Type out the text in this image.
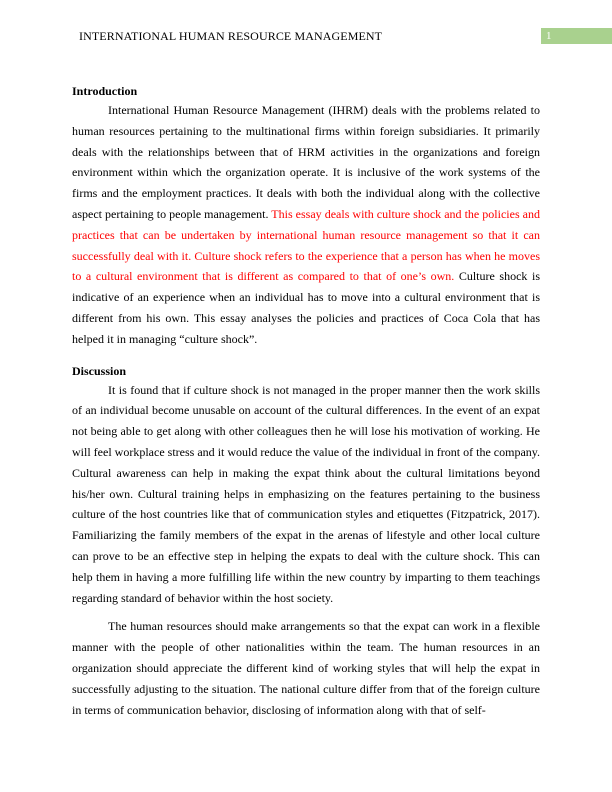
INTERNATIONAL HUMAN RESOURCE MANAGEMENT	1

Introduction

International Human Resource Management (IHRM) deals with the problems related to human resources pertaining to the multinational firms within foreign subsidiaries. It primarily deals with the relationships between that of HRM activities in the organizations and foreign environment within which the organization operate. It is inclusive of the work systems of the firms and the employment practices. It deals with both the individual along with the collective aspect pertaining to people management. This essay deals with culture shock and the policies and practices that can be undertaken by international human resource management so that it can successfully deal with it. Culture shock refers to the experience that a person has when he moves to a cultural environment that is different as compared to that of one’s own. Culture shock is indicative of an experience when an individual has to move into a cultural environment that is different from his own. This essay analyses the policies and practices of Coca Cola that has helped it in managing “culture shock”.

Discussion

It is found that if culture shock is not managed in the proper manner then the work skills of an individual become unusable on account of the cultural differences. In the event of an expat not being able to get along with other colleagues then he will lose his motivation of working. He will feel workplace stress and it would reduce the value of the individual in front of the company. Cultural awareness can help in making the expat think about the cultural limitations beyond his/her own. Cultural training helps in emphasizing on the features pertaining to the business culture of the host countries like that of communication styles and etiquettes (Fitzpatrick, 2017). Familiarizing the family members of the expat in the arenas of lifestyle and other local culture can prove to be an effective step in helping the expats to deal with the culture shock. This can help them in having a more fulfilling life within the new country by imparting to them teachings regarding standard of behavior within the host society.

The human resources should make arrangements so that the expat can work in a flexible manner with the people of other nationalities within the team. The human resources in an organization should appreciate the different kind of working styles that will help the expat in successfully adjusting to the situation. The national culture differ from that of the foreign culture in terms of communication behavior, disclosing of information along with that of self-
